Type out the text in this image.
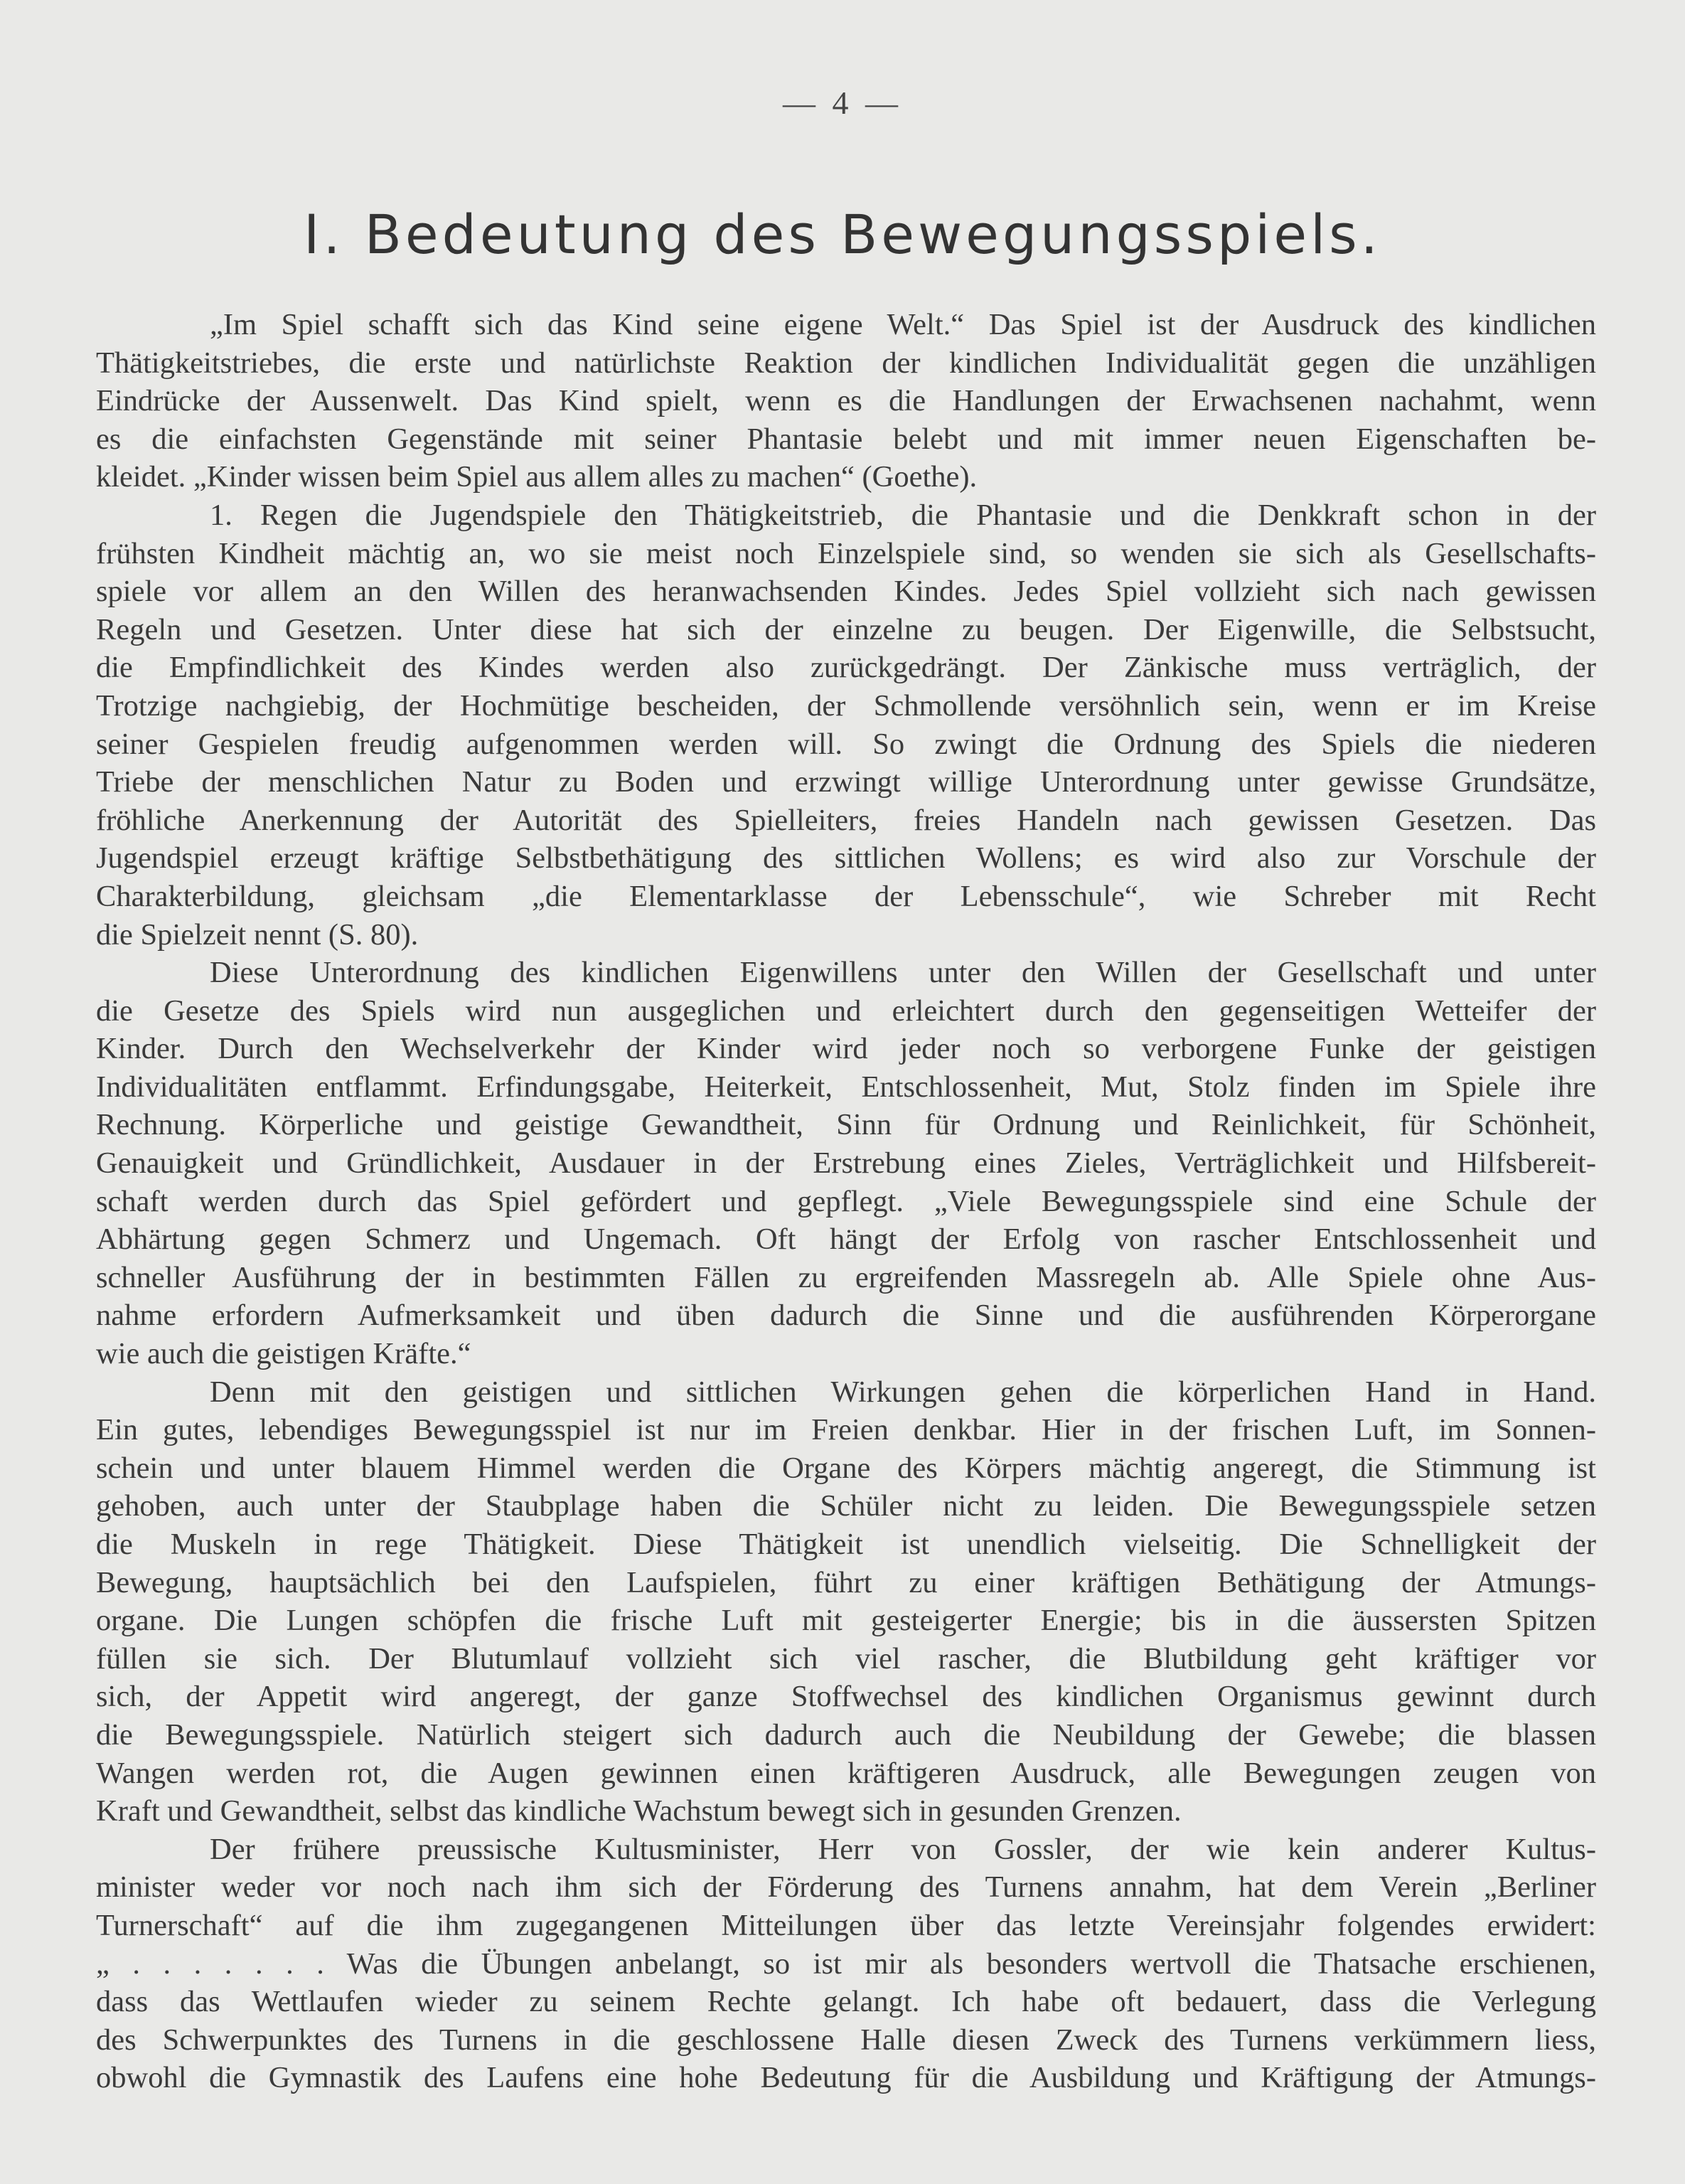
— 4 —
I. Bedeutung des Bewegungsspiels.
„Im Spiel schafft sich das Kind seine eigene Welt.“ Das Spiel ist der Ausdruck des kindlichen
Thätigkeitstriebes, die erste und natürlichste Reaktion der kindlichen Individualität gegen die unzähligen
Eindrücke der Aussenwelt. Das Kind spielt, wenn es die Handlungen der Erwachsenen nachahmt, wenn
es die einfachsten Gegenstände mit seiner Phantasie belebt und mit immer neuen Eigenschaften be-
kleidet. „Kinder wissen beim Spiel aus allem alles zu machen“ (Goethe).
1. Regen die Jugendspiele den Thätigkeitstrieb, die Phantasie und die Denkkraft schon in der
frühsten Kindheit mächtig an, wo sie meist noch Einzelspiele sind, so wenden sie sich als Gesellschafts-
spiele vor allem an den Willen des heranwachsenden Kindes. Jedes Spiel vollzieht sich nach gewissen
Regeln und Gesetzen. Unter diese hat sich der einzelne zu beugen. Der Eigenwille, die Selbstsucht,
die Empfindlichkeit des Kindes werden also zurückgedrängt. Der Zänkische muss verträglich, der
Trotzige nachgiebig, der Hochmütige bescheiden, der Schmollende versöhnlich sein, wenn er im Kreise
seiner Gespielen freudig aufgenommen werden will. So zwingt die Ordnung des Spiels die niederen
Triebe der menschlichen Natur zu Boden und erzwingt willige Unterordnung unter gewisse Grundsätze,
fröhliche Anerkennung der Autorität des Spielleiters, freies Handeln nach gewissen Gesetzen. Das
Jugendspiel erzeugt kräftige Selbstbethätigung des sittlichen Wollens; es wird also zur Vorschule der
Charakterbildung, gleichsam „die Elementarklasse der Lebensschule“, wie Schreber mit Recht
die Spielzeit nennt (S. 80).
Diese Unterordnung des kindlichen Eigenwillens unter den Willen der Gesellschaft und unter
die Gesetze des Spiels wird nun ausgeglichen und erleichtert durch den gegenseitigen Wetteifer der
Kinder. Durch den Wechselverkehr der Kinder wird jeder noch so verborgene Funke der geistigen
Individualitäten entflammt. Erfindungsgabe, Heiterkeit, Entschlossenheit, Mut, Stolz finden im Spiele ihre
Rechnung. Körperliche und geistige Gewandtheit, Sinn für Ordnung und Reinlichkeit, für Schönheit,
Genauigkeit und Gründlichkeit, Ausdauer in der Erstrebung eines Zieles, Verträglichkeit und Hilfsbereit-
schaft werden durch das Spiel gefördert und gepflegt. „Viele Bewegungsspiele sind eine Schule der
Abhärtung gegen Schmerz und Ungemach. Oft hängt der Erfolg von rascher Entschlossenheit und
schneller Ausführung der in bestimmten Fällen zu ergreifenden Massregeln ab. Alle Spiele ohne Aus-
nahme erfordern Aufmerksamkeit und üben dadurch die Sinne und die ausführenden Körperorgane
wie auch die geistigen Kräfte.“
Denn mit den geistigen und sittlichen Wirkungen gehen die körperlichen Hand in Hand.
Ein gutes, lebendiges Bewegungsspiel ist nur im Freien denkbar. Hier in der frischen Luft, im Sonnen-
schein und unter blauem Himmel werden die Organe des Körpers mächtig angeregt, die Stimmung ist
gehoben, auch unter der Staubplage haben die Schüler nicht zu leiden. Die Bewegungsspiele setzen
die Muskeln in rege Thätigkeit. Diese Thätigkeit ist unendlich vielseitig. Die Schnelligkeit der
Bewegung, hauptsächlich bei den Laufspielen, führt zu einer kräftigen Bethätigung der Atmungs-
organe. Die Lungen schöpfen die frische Luft mit gesteigerter Energie; bis in die äussersten Spitzen
füllen sie sich. Der Blutumlauf vollzieht sich viel rascher, die Blutbildung geht kräftiger vor
sich, der Appetit wird angeregt, der ganze Stoffwechsel des kindlichen Organismus gewinnt durch
die Bewegungsspiele. Natürlich steigert sich dadurch auch die Neubildung der Gewebe; die blassen
Wangen werden rot, die Augen gewinnen einen kräftigeren Ausdruck, alle Bewegungen zeugen von
Kraft und Gewandtheit, selbst das kindliche Wachstum bewegt sich in gesunden Grenzen.
Der frühere preussische Kultusminister, Herr von Gossler, der wie kein anderer Kultus-
minister weder vor noch nach ihm sich der Förderung des Turnens annahm, hat dem Verein „Berliner
Turnerschaft“ auf die ihm zugegangenen Mitteilungen über das letzte Vereinsjahr folgendes erwidert:
„ . . . . . . . Was die Übungen anbelangt, so ist mir als besonders wertvoll die Thatsache erschienen,
dass das Wettlaufen wieder zu seinem Rechte gelangt. Ich habe oft bedauert, dass die Verlegung
des Schwerpunktes des Turnens in die geschlossene Halle diesen Zweck des Turnens verkümmern liess,
obwohl die Gymnastik des Laufens eine hohe Bedeutung für die Ausbildung und Kräftigung der Atmungs-
